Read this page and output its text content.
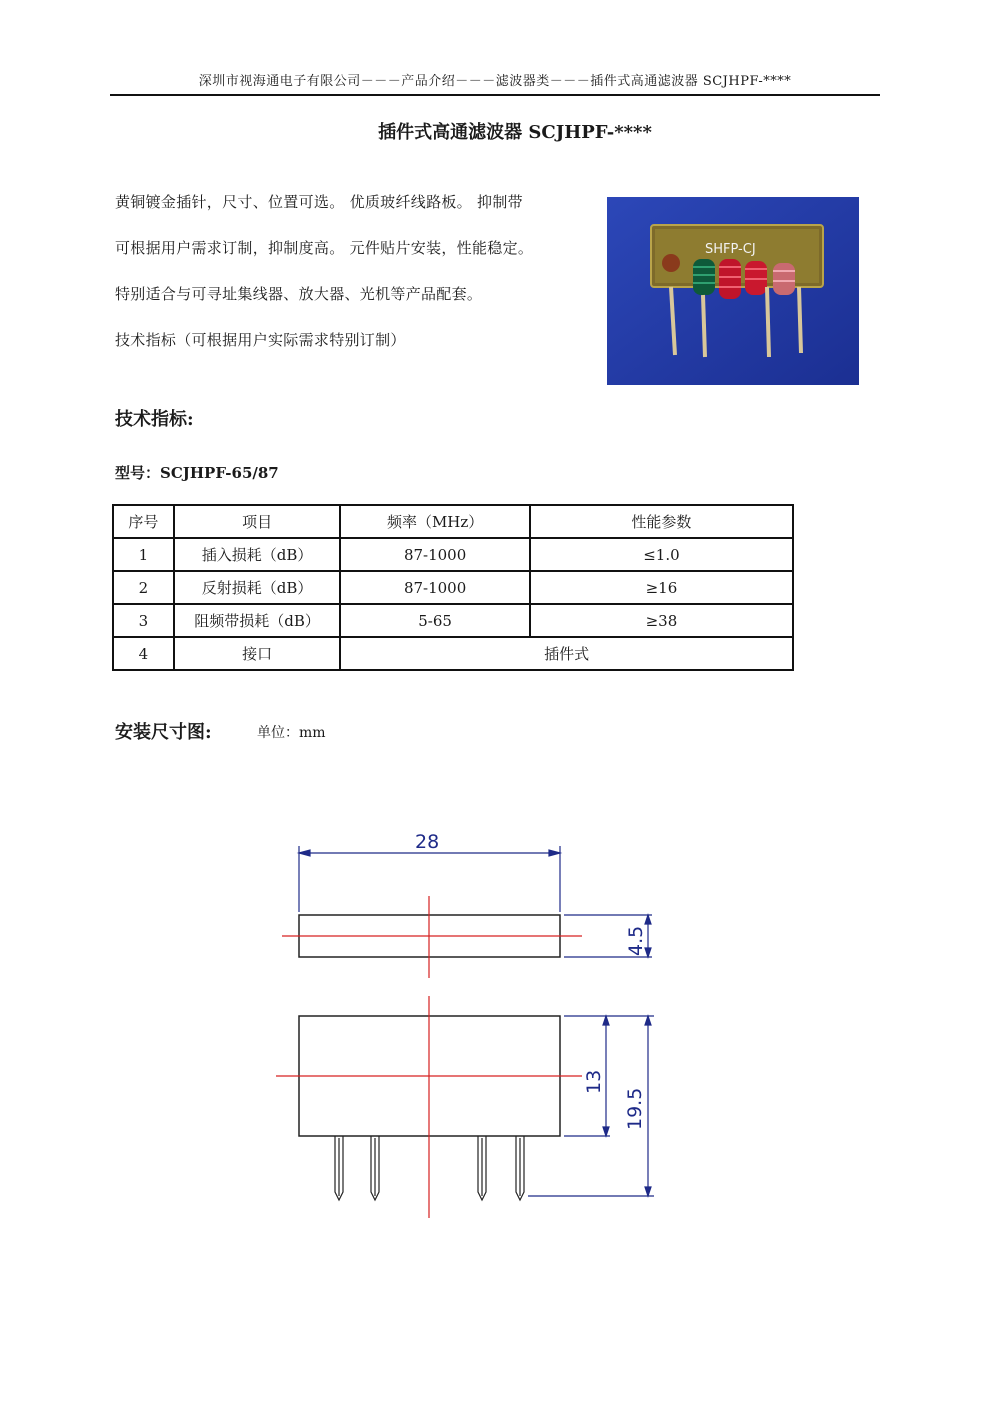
深圳市视海通电子有限公司－－－产品介绍－－－滤波器类－－－插件式高通滤波器 SCJHPF-****
插件式高通滤波器 SCJHPF-****

黄铜镀金插针，尺寸、位置可选。 优质玻纤线路板。 抑制带

可根据用户需求订制，抑制度高。 元件贴片安装，性能稳定。

特别适合与可寻址集线器、放大器、光机等产品配套。

技术指标（可根据用户实际需求特别订制）

SHFP-CJ
技术指标:
型号：SCJHPF-65/87
序号	项目	频率（MHz）	性能参数
1	插入损耗（dB）	87-1000	≤1.0
2	反射损耗（dB）	87-1000	≥16
3	阻频带损耗（dB）	5-65	≥38
4	接口	插件式	
安装尺寸图:	单位：mm
28
4.5
13
19.5
